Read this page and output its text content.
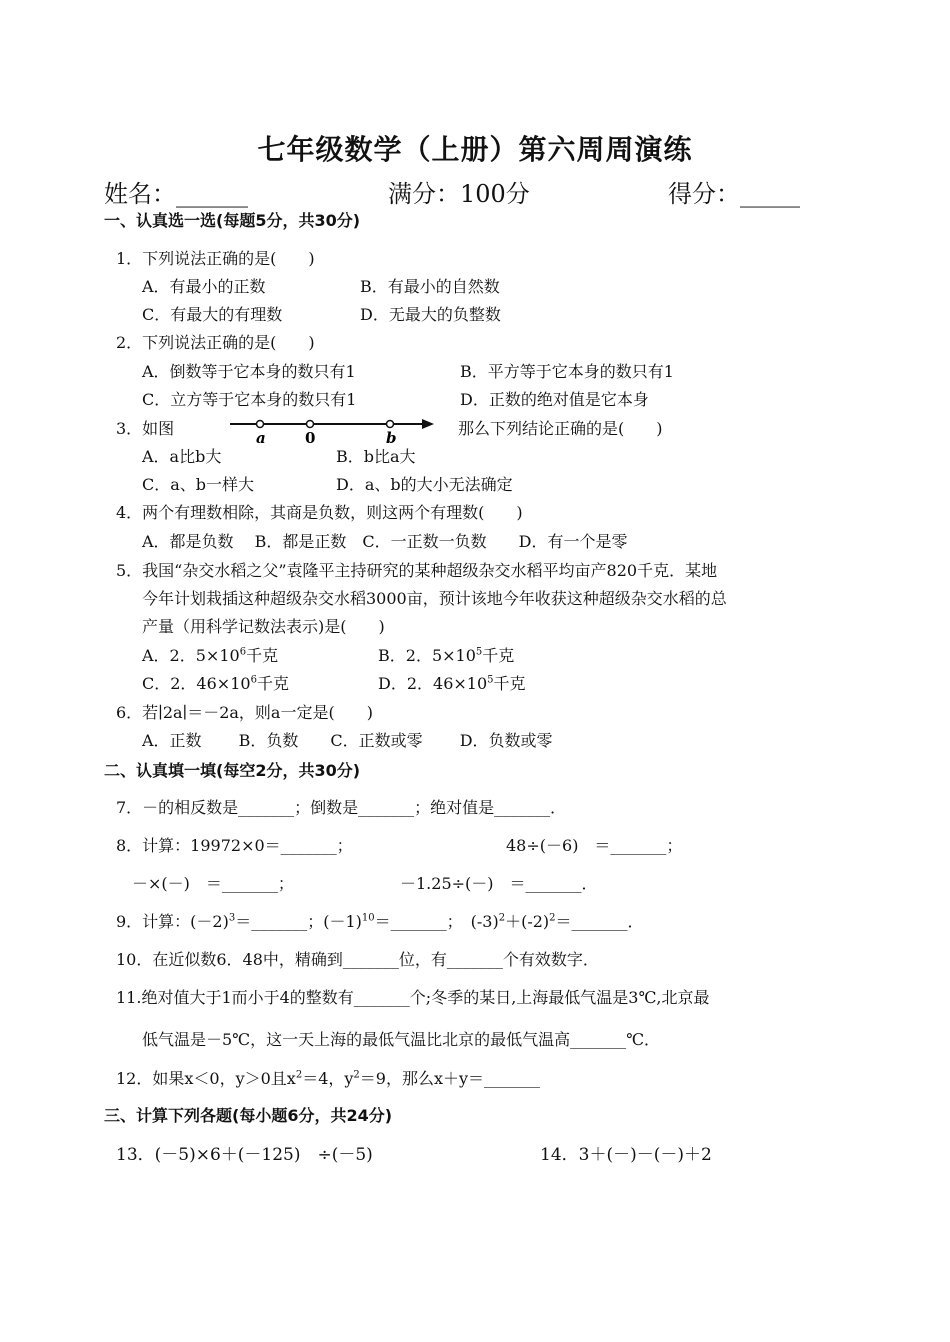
七年级数学（上册）第六周周演练
姓名：______	满分：100分	得分：_____
一、认真选一选(每题5分，共30分)
1．下列说法正确的是(　　)
A．有最小的正数	B．有最小的自然数
C．有最大的有理数	D．无最大的负整数
2．下列说法正确的是(　　)
A．倒数等于它本身的数只有1	B．平方等于它本身的数只有1
C．立方等于它本身的数只有1	D．正数的绝对值是它本身
3．如图	a	0	b	那么下列结论正确的是(　　)
A．a比b大	B．b比a大
C．a、b一样大	D．a、b的大小无法确定
4．两个有理数相除，其商是负数，则这两个有理数(　　)
A．都是负数　 B．都是正数　C．一正数一负数　　D．有一个是零
5．我国“杂交水稻之父”袁隆平主持研究的某种超级杂交水稻平均亩产820千克．某地
今年计划栽插这种超级杂交水稻3000亩，预计该地今年收获这种超级杂交水稻的总
产量（用科学记数法表示)是(　　)
A．2．$5\times 10^6$千克	B．2．$5\times 10^5$千克
C．2．$46\times 10^6$千克	D．2．$46\times 10^5$千克
6．若∣2a∣＝－2a，则a一定是(　　)
A．正数　　 B．负数　　C．正数或零　　 D．负数或零
二、认真填一填(每空2分，共30分)
7．－的相反数是_______；倒数是_______；绝对值是_______．
8．计算：19972×0＝_______；	48÷(－6)　＝_______；
－×(－)　＝_______；	－1.25÷(－)　＝_______．
9．计算：$(-2)^3=\_\_\_\_\_\_\_$；$(-1)^{10}=\_\_\_\_\_\_\_$；　$(-3)^2+(-2)^2=\_\_\_\_\_\_\_$．
10．在近似数6．48中，精确到_______位，有_______个有效数字．
11.绝对值大于1而小于4的整数有_______个;冬季的某日,上海最低气温是3℃,北京最
低气温是－5℃，这一天上海的最低气温比北京的最低气温高_______℃．
12．如果x＜0，y＞0且$x^2=4$，$y^2=9$，那么x＋y＝_______
三、计算下列各题(每小题6分，共24分)
13．(－5)×6＋(－125)　÷(－5)	14．3＋(－)－(－)＋2
